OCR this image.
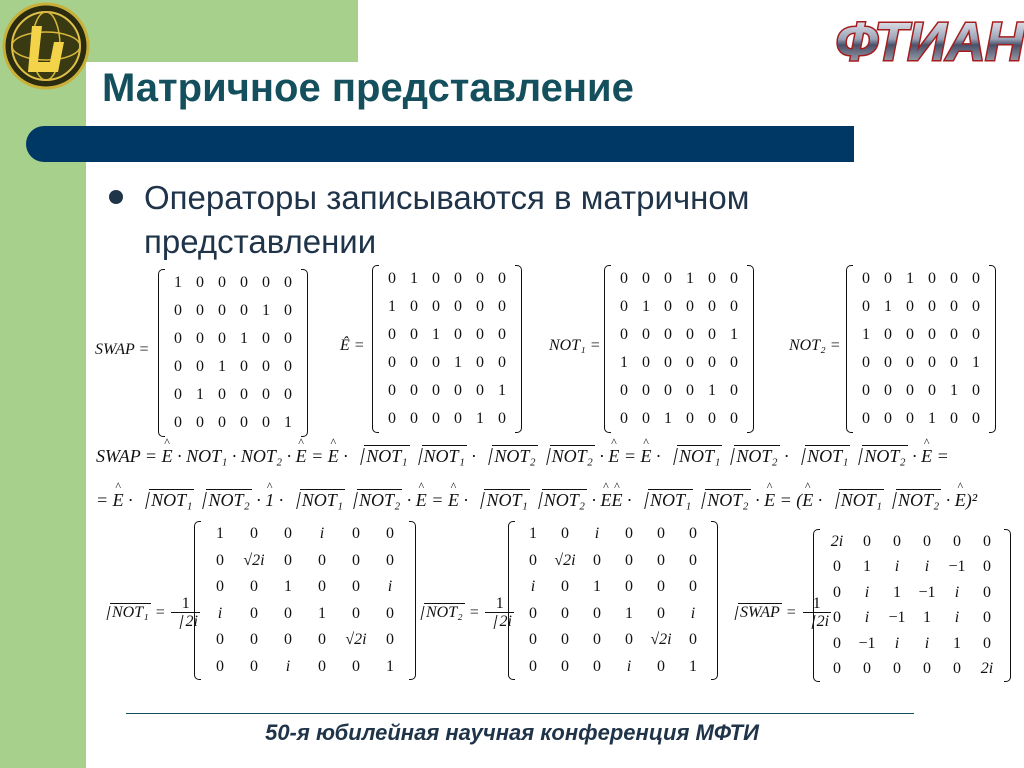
ФТИАН
Матричное представление
Операторы записываются в матричном представлении
SWAP =
1	0	0	0	0	0
0	0	0	0	1	0
0	0	0	1	0	0
0	0	1	0	0	0
0	1	0	0	0	0
0	0	0	0	0	1
Ê =
0	1	0	0	0	0
1	0	0	0	0	0
0	0	1	0	0	0
0	0	0	1	0	0
0	0	0	0	0	1
0	0	0	0	1	0
NOT₁ =
0	0	0	1	0	0
0	1	0	0	0	0
0	0	0	0	0	1
1	0	0	0	0	0
0	0	0	0	1	0
0	0	1	0	0	0
NOT₂ =
0	0	1	0	0	0
0	1	0	0	0	0
1	0	0	0	0	0
0	0	0	0	0	1
0	0	0	0	1	0
0	0	0	1	0	0
SWAP = E ^ · NOT₁ · NOT₂ · E ^ = E ^ · NOT₁ NOT₁ · NOT₂ NOT₂ · E ^ = E ^ · NOT₁ NOT₂ · NOT₁ NOT₂ · E ^ =
= E ^ · NOT₁ NOT₂ · 1 ^ · NOT₁ NOT₂ · E ^ = E ^ · NOT₁ NOT₂ · E ^E ^ · NOT₁ NOT₂ · E ^ = (E ^ · NOT₁ NOT₂ · E ^)²
$NOT_1 = \frac{1}{2i}$
1	0	0	i	0	0
0	√2i	0	0	0	0
0	0	1	0	0	i
i	0	0	1	0	0
0	0	0	0	√2i	0
0	0	i	0	0	1
$NOT_2 = \frac{1}{2i}$
1	0	i	0	0	0
0	√2i	0	0	0	0
i	0	1	0	0	0
0	0	0	1	0	i
0	0	0	0	√2i	0
0	0	0	i	0	1
SWAP = $\frac{1}{2i}$
2i	0	0	0	0	0
0	1	i	i	−1	0
0	i	1	−1	i	0
0	i	−1	1	i	0
0	−1	i	i	1	0
0	0	0	0	0	2i
50-я юбилейная научная конференция МФТИ
